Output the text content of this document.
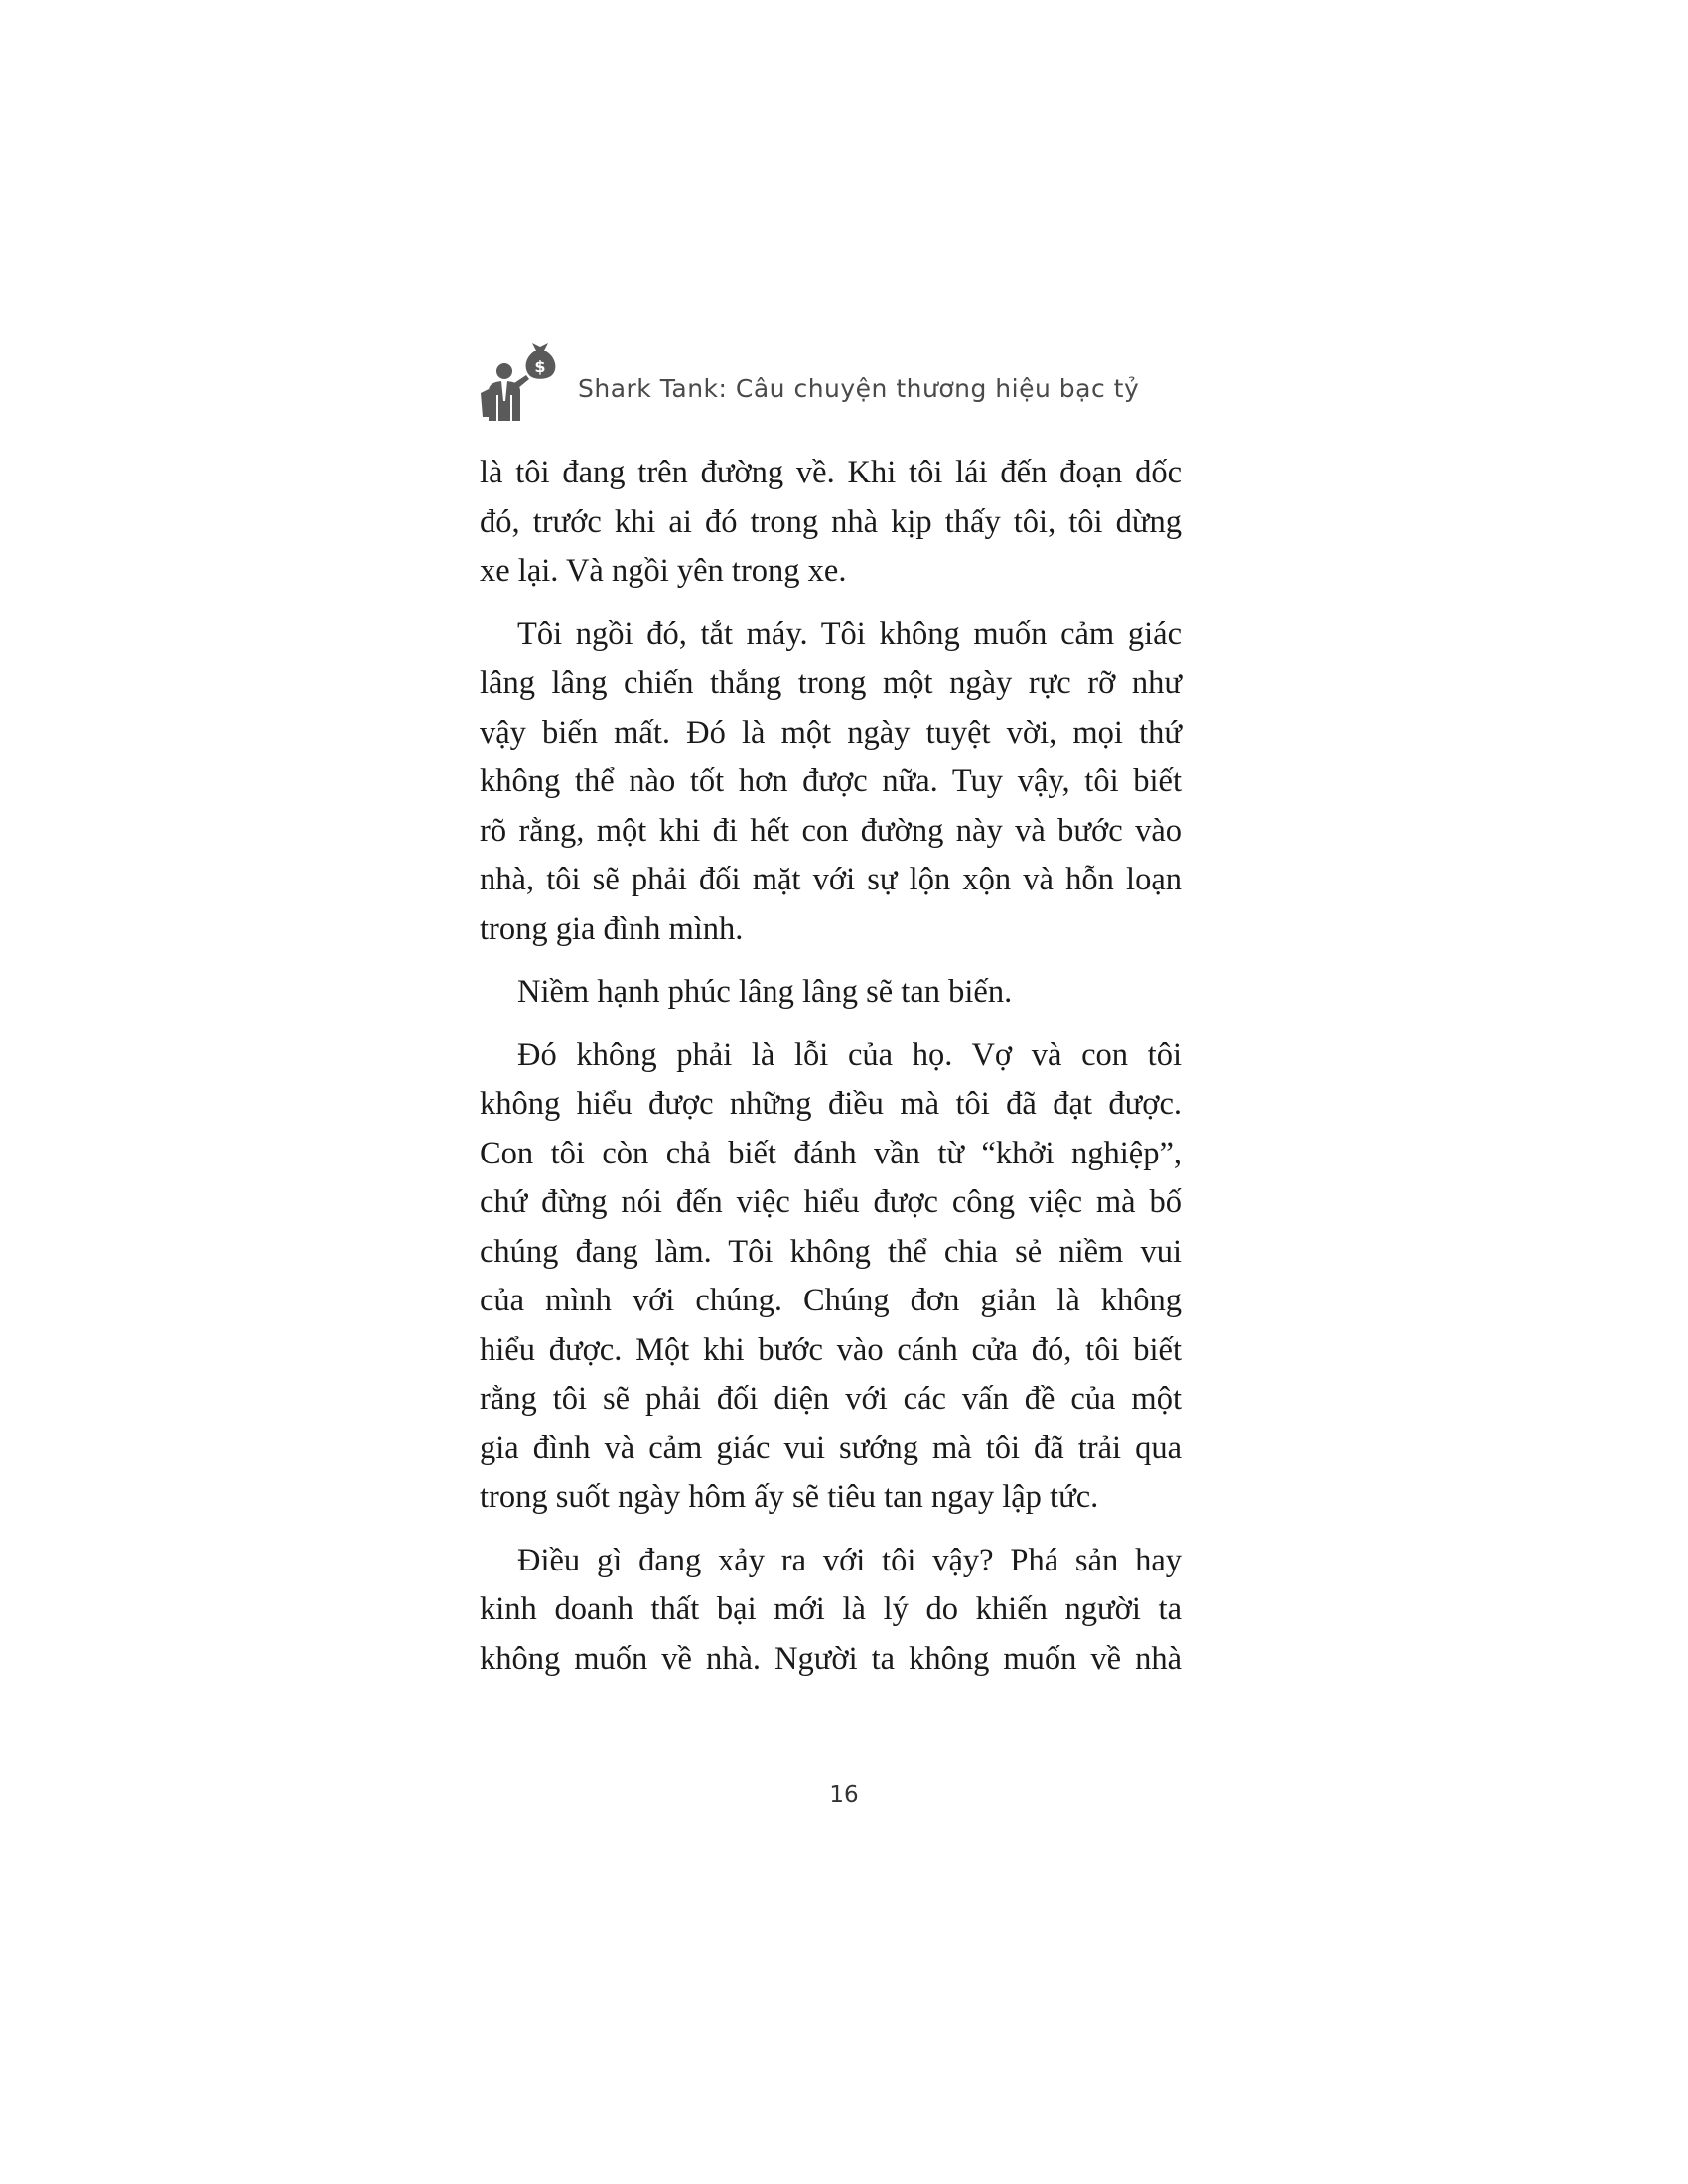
$
Shark Tank: Câu chuyện thương hiệu bạc tỷ

là tôi đang trên đường về. Khi tôi lái đến đoạn dốc
đó, trước khi ai đó trong nhà kịp thấy tôi, tôi dừng
xe lại. Và ngồi yên trong xe.

Tôi ngồi đó, tắt máy. Tôi không muốn cảm giác
lâng lâng chiến thắng trong một ngày rực rỡ như
vậy biến mất. Đó là một ngày tuyệt vời, mọi thứ
không thể nào tốt hơn được nữa. Tuy vậy, tôi biết
rõ rằng, một khi đi hết con đường này và bước vào
nhà, tôi sẽ phải đối mặt với sự lộn xộn và hỗn loạn
trong gia đình mình.

Niềm hạnh phúc lâng lâng sẽ tan biến.

Đó không phải là lỗi của họ. Vợ và con tôi
không hiểu được những điều mà tôi đã đạt được.
Con tôi còn chả biết đánh vần từ “khởi nghiệp”,
chứ đừng nói đến việc hiểu được công việc mà bố
chúng đang làm. Tôi không thể chia sẻ niềm vui
của mình với chúng. Chúng đơn giản là không
hiểu được. Một khi bước vào cánh cửa đó, tôi biết
rằng tôi sẽ phải đối diện với các vấn đề của một
gia đình và cảm giác vui sướng mà tôi đã trải qua
trong suốt ngày hôm ấy sẽ tiêu tan ngay lập tức.

Điều gì đang xảy ra với tôi vậy? Phá sản hay
kinh doanh thất bại mới là lý do khiến người ta
không muốn về nhà. Người ta không muốn về nhà

16
